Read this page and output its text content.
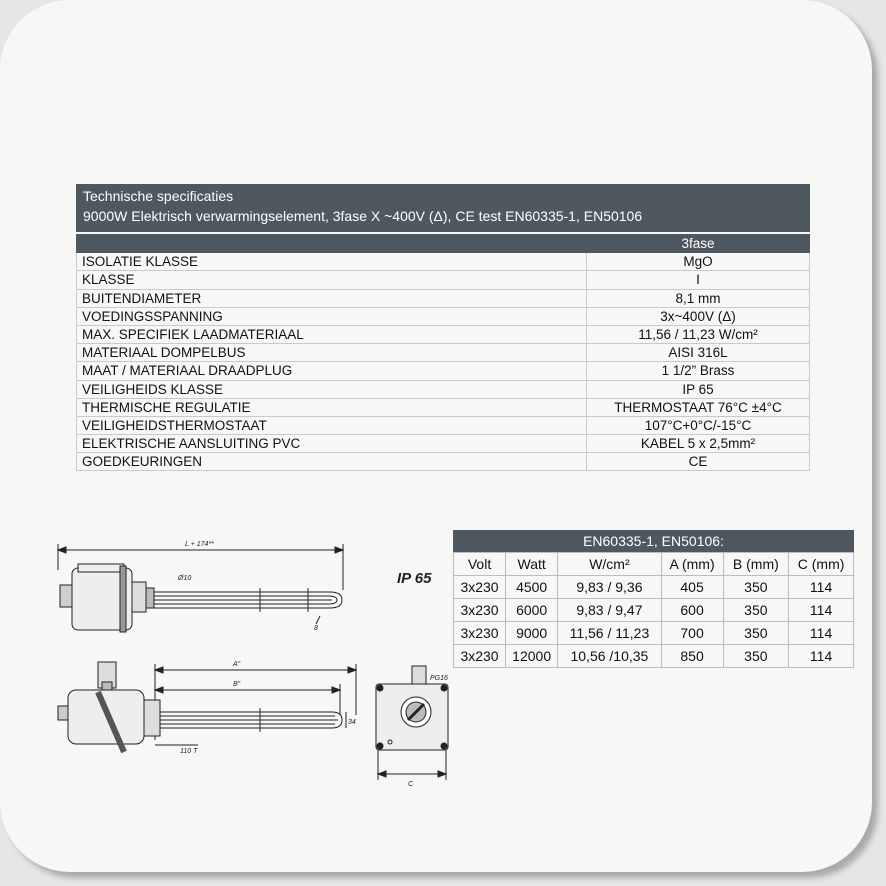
Technische specificaties
9000W Elektrisch verwarmingselement, 3fase X ~400V (Δ), CE test EN60335-1, EN50106
	3fase
ISOLATIE KLASSE	MgO
KLASSE	I
BUITENDIAMETER	8,1 mm
VOEDINGSSPANNING	3x~400V (Δ)
MAX. SPECIFIEK LAADMATERIAAL	11,56 / 11,23 W/cm²
MATERIAAL DOMPELBUS	AISI 316L
MAAT / MATERIAAL DRAADPLUG	1 1/2” Brass
VEILIGHEIDS KLASSE	IP 65
THERMISCHE REGULATIE	THERMOSTAAT 76°C ±4°C
VEILIGHEIDSTHERMOSTAAT	107°C+0°C/-15°C
ELEKTRISCHE AANSLUITING PVC	KABEL 5 x 2,5mm²
GOEDKEURINGEN	CE
L + 174**
Ø10
A"
B"
110 T
34
8
PG16
C
IP 65
EN60335-1, EN50106:
Volt	Watt	W/cm²	A (mm)	B (mm)	C (mm)
3x230	4500	9,83 / 9,36	405	350	114
3x230	6000	9,83 / 9,47	600	350	114
3x230	9000	11,56 / 11,23	700	350	114
3x230	12000	10,56 /10,35	850	350	114
